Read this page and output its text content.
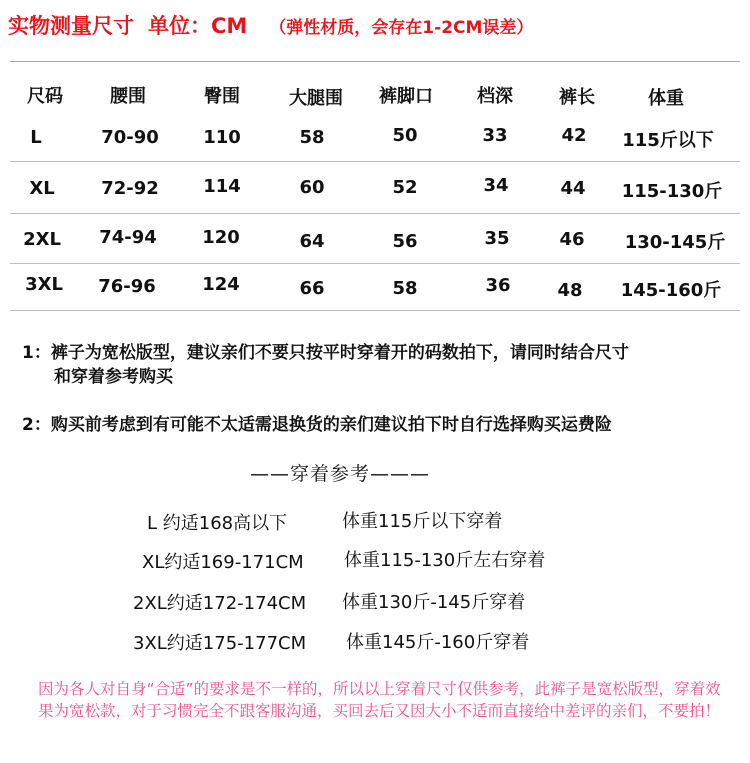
实物测量尺寸 单位：CM （弹性材质，会存在1-2CM误差）
尺码	腰围	臀围	大腿围 裤脚口 档深	裤长	体重
L	70-90 110	58	50	33	42 115斤以下
XL	72-92 114	60	52	34	44 115-130斤
2XL 74-94	120	64	56	35	46 130-145斤
3XL 76-96	124	66	58	36	48 145-160斤
1：裤子为宽松版型，建议亲们不要只按平时穿着开的码数拍下，请同时结合尺寸
和穿着参考购买
2：购买前考虑到有可能不太适需退换货的亲们建议拍下时自行选择购买运费险
——穿着参考———
L 约适168高以下	体重115斤以下穿着
XL约适169-171CM 体重115-130斤左右穿着
2XL约适172-174CM 体重130斤-145斤穿着
3XL约适175-177CM 体重145斤-160斤穿着
因为各人对自身“合适”的要求是不一样的，所以以上穿着尺寸仅供参考，此裤子是宽松版型，穿着效果为宽松款，对于习惯完全不跟客服沟通，买回去后又因大小不适而直接给中差评的亲们，不要拍！
